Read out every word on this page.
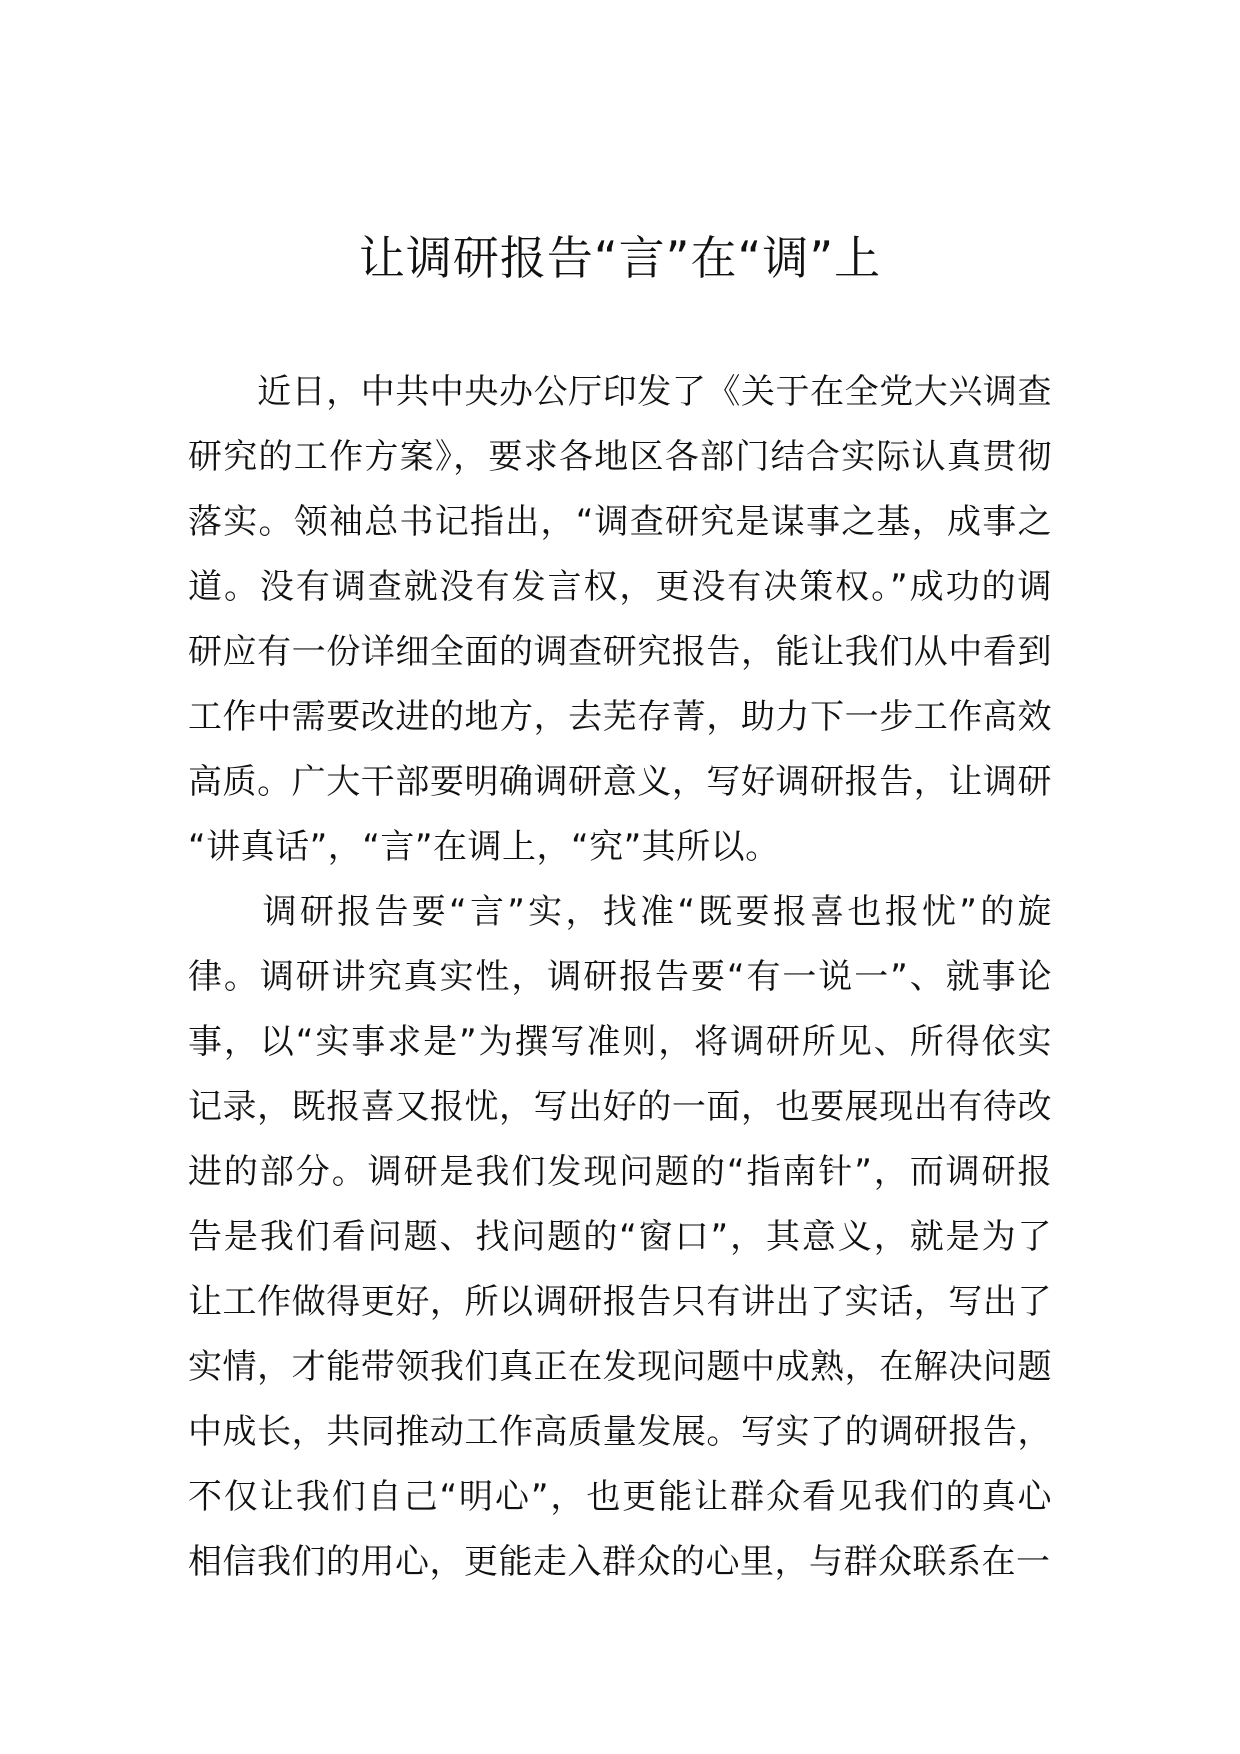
让调研报告“言”在“调”上
　　近日，中共中央办公厅印发了《关于在全党大兴调查
研究的工作方案》，要求各地区各部门结合实际认真贯彻
落实。领袖总书记指出，“调查研究是谋事之基，成事之
道。没有调查就没有发言权，更没有决策权。”成功的调
研应有一份详细全面的调查研究报告，能让我们从中看到
工作中需要改进的地方，去芜存菁，助力下一步工作高效
高质。广大干部要明确调研意义，写好调研报告，让调研
“讲真话”，“言”在调上，“究”其所以。
　　调研报告要“言”实，找准“既要报喜也报忧”的旋
律。调研讲究真实性，调研报告要“有一说一”、就事论
事，以“实事求是”为撰写准则，将调研所见、所得依实
记录，既报喜又报忧，写出好的一面，也要展现出有待改
进的部分。调研是我们发现问题的“指南针”，而调研报
告是我们看问题、找问题的“窗口”，其意义，就是为了
让工作做得更好，所以调研报告只有讲出了实话，写出了
实情，才能带领我们真正在发现问题中成熟，在解决问题
中成长，共同推动工作高质量发展。写实了的调研报告，
不仅让我们自己“明心”，也更能让群众看见我们的真心
相信我们的用心，更能走入群众的心里，与群众联系在一
